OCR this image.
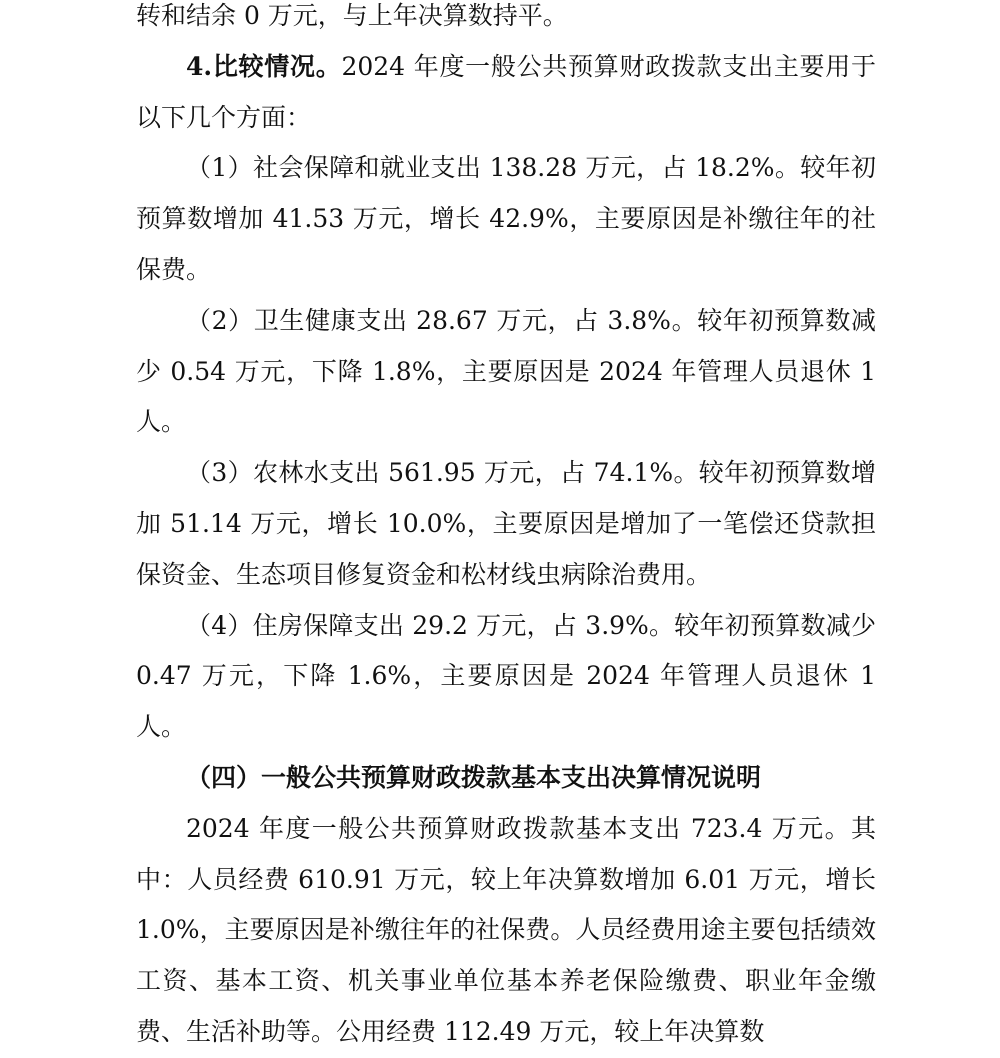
转和结余 0 万元，与上年决算数持平。

4.比较情况。2024 年度一般公共预算财政拨款支出主要用于以下几个方面：

（1）社会保障和就业支出 138.28 万元，占 18.2%。较年初预算数增加 41.53 万元，增长 42.9%，主要原因是补缴往年的社保费。

（2）卫生健康支出 28.67 万元，占 3.8%。较年初预算数减少 0.54 万元，下降 1.8%，主要原因是 2024 年管理人员退休 1 人。

（3）农林水支出 561.95 万元，占 74.1%。较年初预算数增加 51.14 万元，增长 10.0%，主要原因是增加了一笔偿还贷款担保资金、生态项目修复资金和松材线虫病除治费用。

（4）住房保障支出 29.2 万元，占 3.9%。较年初预算数减少 0.47 万元，下降 1.6%，主要原因是 2024 年管理人员退休 1 人。

（四）一般公共预算财政拨款基本支出决算情况说明

2024 年度一般公共预算财政拨款基本支出 723.4 万元。其中：人员经费 610.91 万元，较上年决算数增加 6.01 万元，增长 1.0%，主要原因是补缴往年的社保费。人员经费用途主要包括绩效工资、基本工资、机关事业单位基本养老保险缴费、职业年金缴费、生活补助等。公用经费 112.49 万元，较上年决算数
